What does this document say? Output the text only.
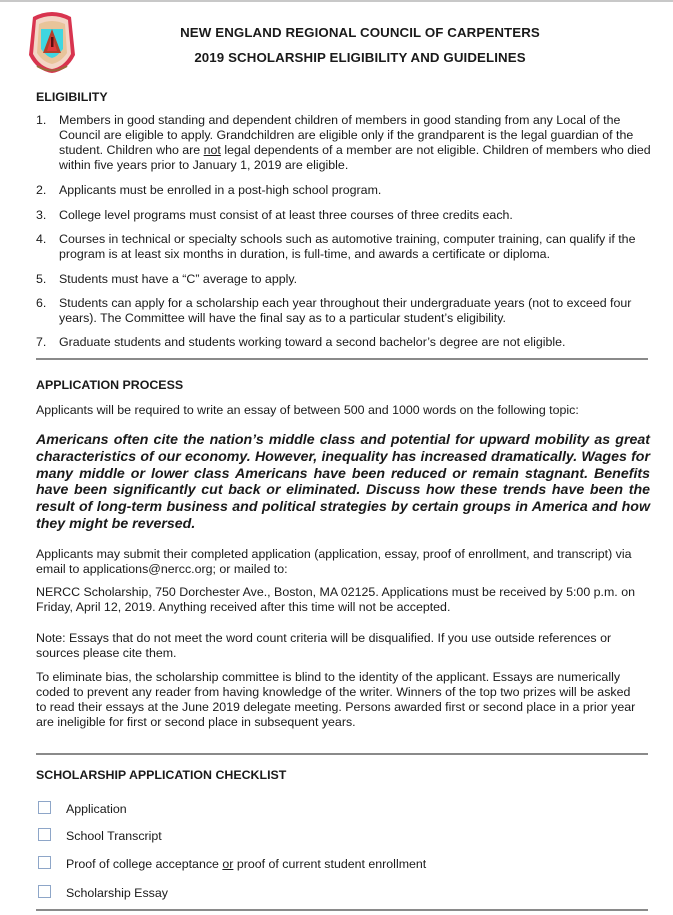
NEW ENGLAND REGIONAL COUNCIL OF CARPENTERS
2019 SCHOLARSHIP ELIGIBILITY AND GUIDELINES
ELIGIBILITY
1. Members in good standing and dependent children of members in good standing from any Local of the Council are eligible to apply. Grandchildren are eligible only if the grandparent is the legal guardian of the student. Children who are not legal dependents of a member are not eligible. Children of members who died within five years prior to January 1, 2019 are eligible.
2. Applicants must be enrolled in a post-high school program.
3. College level programs must consist of at least three courses of three credits each.
4. Courses in technical or specialty schools such as automotive training, computer training, can qualify if the program is at least six months in duration, is full-time, and awards a certificate or diploma.
5. Students must have a “C” average to apply.
6. Students can apply for a scholarship each year throughout their undergraduate years (not to exceed four years). The Committee will have the final say as to a particular student’s eligibility.
7. Graduate students and students working toward a second bachelor’s degree are not eligible.
APPLICATION PROCESS
Applicants will be required to write an essay of between 500 and 1000 words on the following topic:
Americans often cite the nation’s middle class and potential for upward mobility as great characteristics of our economy. However, inequality has increased dramatically. Wages for many middle or lower class Americans have been reduced or remain stagnant. Benefits have been significantly cut back or eliminated. Discuss how these trends have been the result of long-term business and political strategies by certain groups in America and how they might be reversed.
Applicants may submit their completed application (application, essay, proof of enrollment, and transcript) via email to applications@nercc.org; or mailed to:
NERCC Scholarship, 750 Dorchester Ave., Boston, MA 02125. Applications must be received by 5:00 p.m. on Friday, April 12, 2019. Anything received after this time will not be accepted.
Note: Essays that do not meet the word count criteria will be disqualified. If you use outside references or sources please cite them.
To eliminate bias, the scholarship committee is blind to the identity of the applicant. Essays are numerically coded to prevent any reader from having knowledge of the writer. Winners of the top two prizes will be asked to read their essays at the June 2019 delegate meeting. Persons awarded first or second place in a prior year are ineligible for first or second place in subsequent years.
SCHOLARSHIP APPLICATION CHECKLIST
Application
School Transcript
Proof of college acceptance or proof of current student enrollment
Scholarship Essay
